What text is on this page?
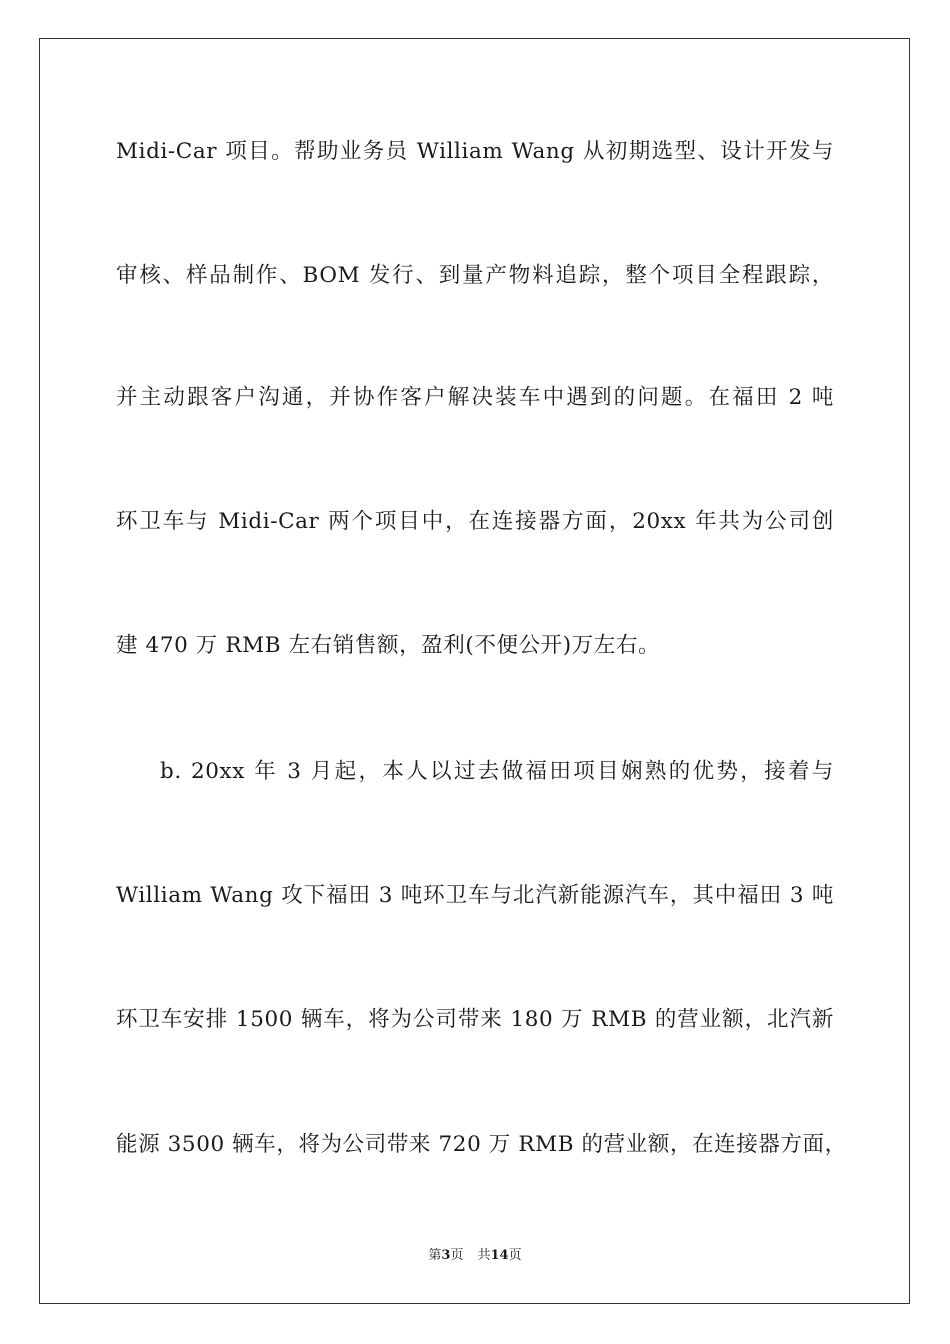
Midi-Car 项目。帮助业务员 William Wang 从初期选型、设计开发与
审核、样品制作、BOM 发行、到量产物料追踪，整个项目全程跟踪，
并主动跟客户沟通，并协作客户解决装车中遇到的问题。在福田 2 吨
环卫车与 Midi-Car 两个项目中，在连接器方面，20xx 年共为公司创
建 470 万 RMB 左右销售额，盈利(不便公开)万左右。
b. 20xx 年 3 月起，本人以过去做福田项目娴熟的优势，接着与
William Wang 攻下福田 3 吨环卫车与北汽新能源汽车，其中福田 3 吨
环卫车安排 1500 辆车，将为公司带来 180 万 RMB 的营业额，北汽新
能源 3500 辆车，将为公司带来 720 万 RMB 的营业额，在连接器方面，
第3页 共14页
